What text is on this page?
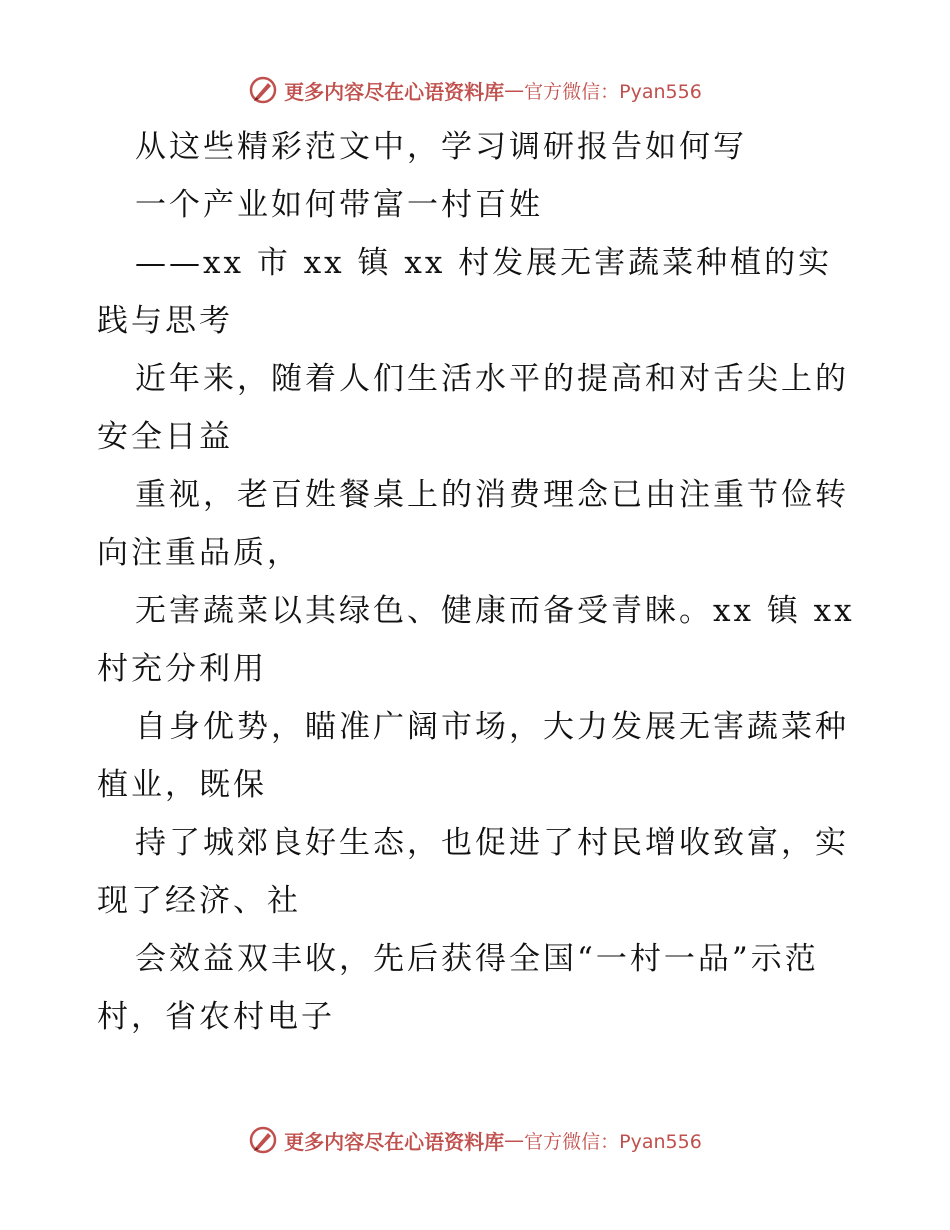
更多内容尽在心语资料库 — 官方微信：Pyan556
从这些精彩范文中，学习调研报告如何写
一个产业如何带富一村百姓
——xx 市 xx 镇 xx 村发展无害蔬菜种植的实
践与思考
近年来，随着人们生活水平的提高和对舌尖上的
安全日益
重视，老百姓餐桌上的消费理念已由注重节俭转
向注重品质，
无害蔬菜以其绿色、健康而备受青睐。xx 镇 xx
村充分利用
自身优势，瞄准广阔市场，大力发展无害蔬菜种
植业，既保
持了城郊良好生态，也促进了村民增收致富，实
现了经济、社
会效益双丰收，先后获得全国“一村一品”示范
村，省农村电子
更多内容尽在心语资料库 — 官方微信：Pyan556
